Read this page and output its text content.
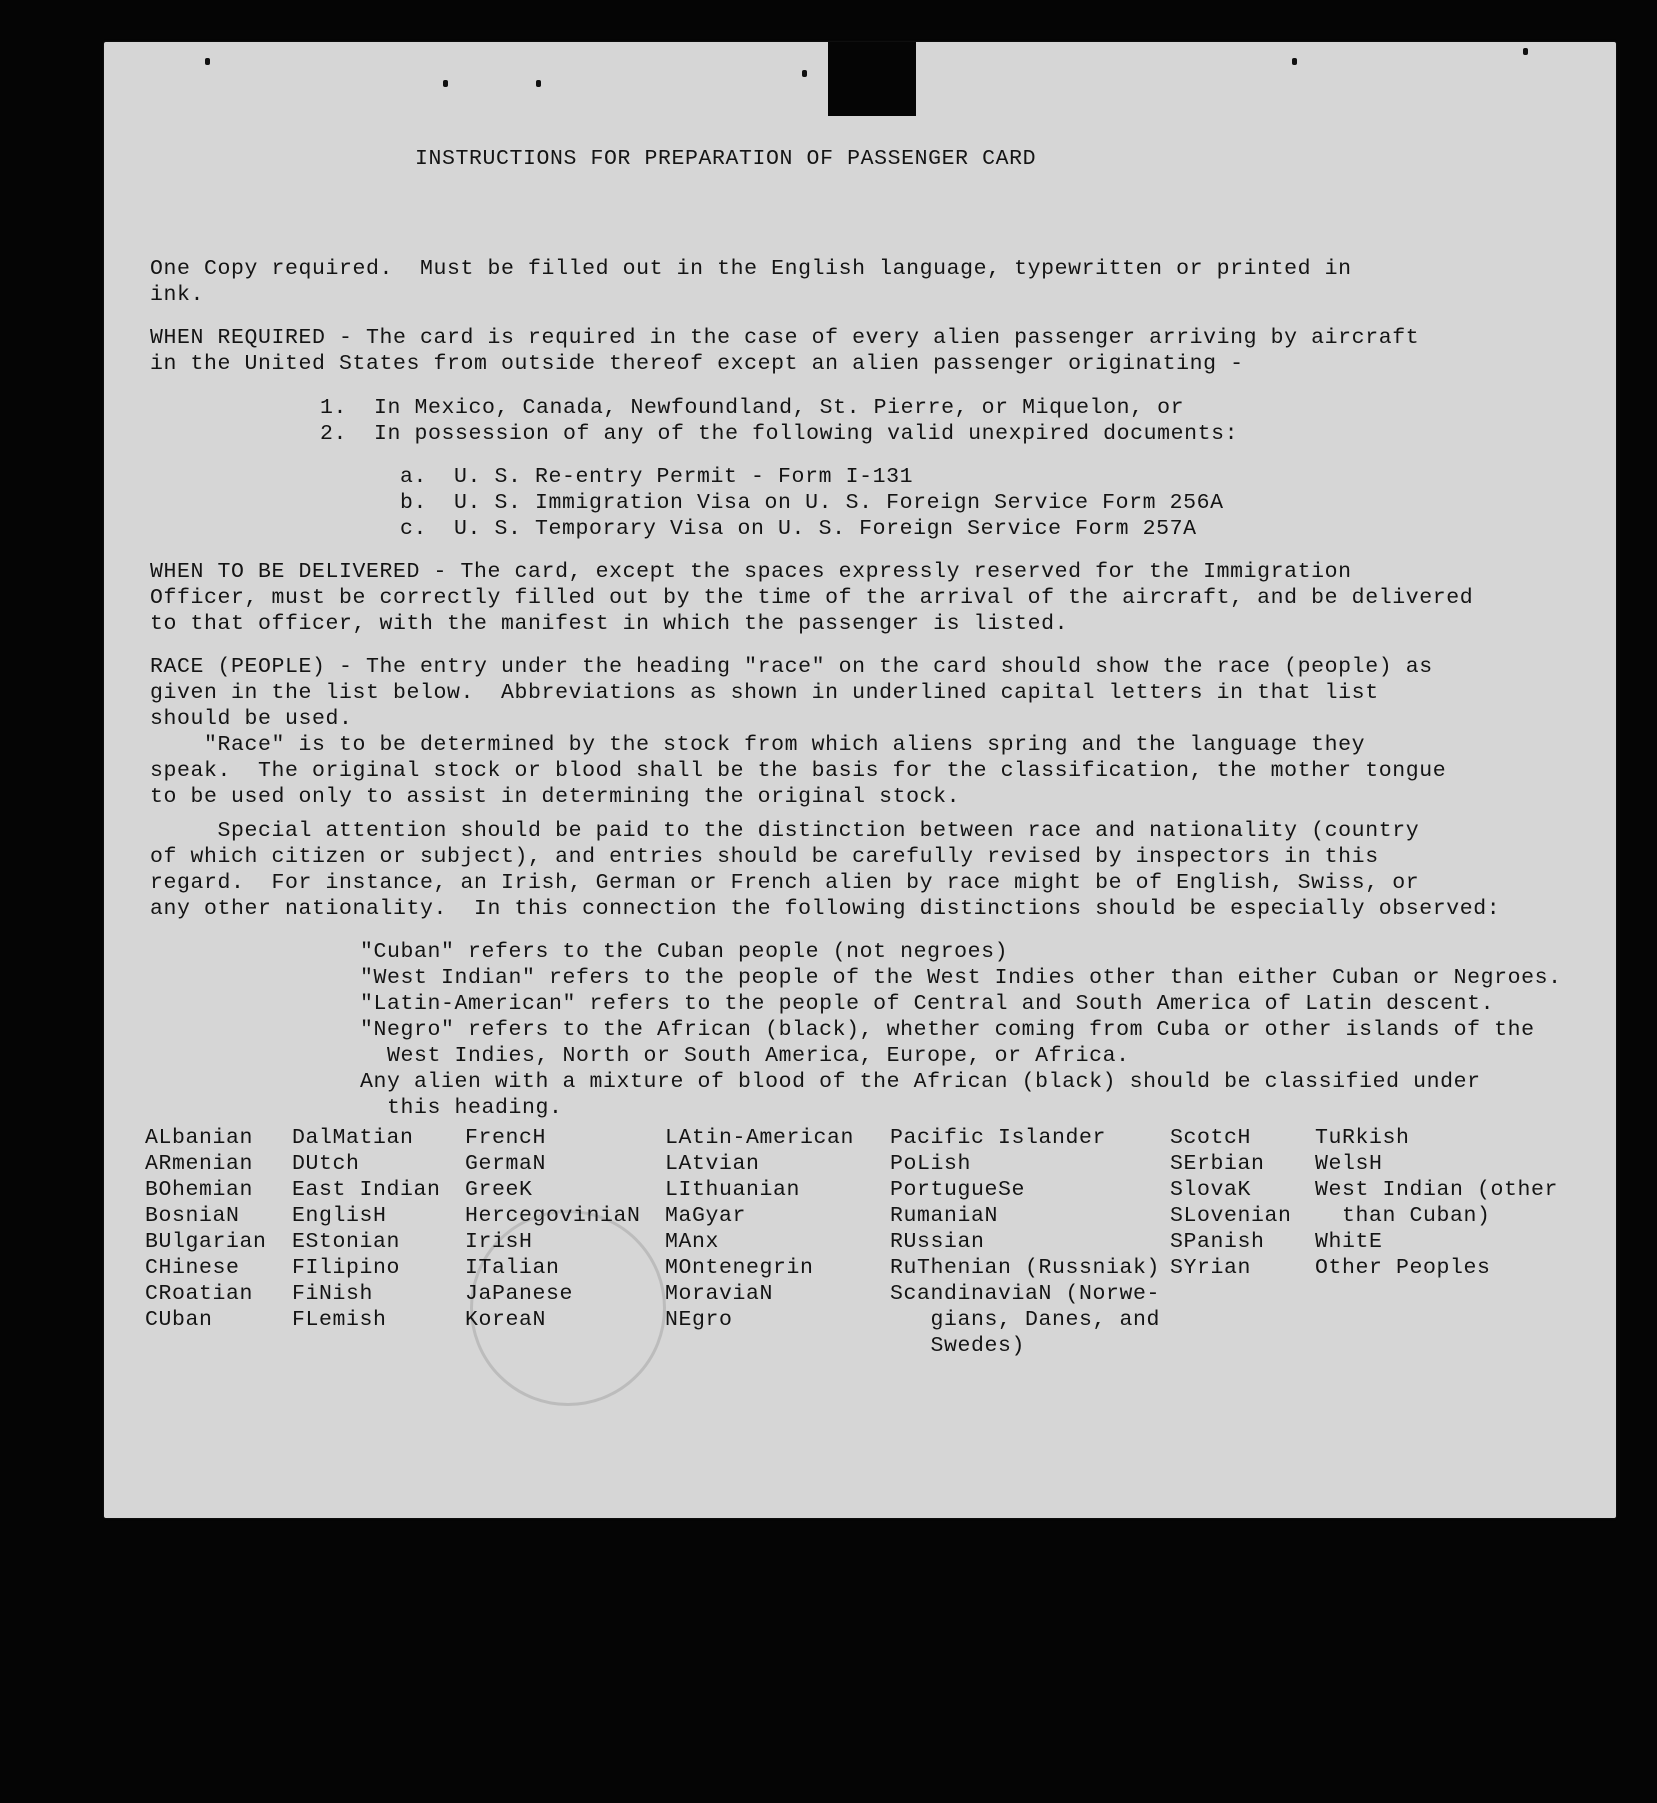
INSTRUCTIONS FOR PREPARATION OF PASSENGER CARD

One Copy required.  Must be filled out in the English language, typewritten or printed in

ink.

WHEN REQUIRED - The card is required in the case of every alien passenger arriving by aircraft

in the United States from outside thereof except an alien passenger originating -

1.  In Mexico, Canada, Newfoundland, St. Pierre, or Miquelon, or

2.  In possession of any of the following valid unexpired documents:

a.  U. S. Re-entry Permit - Form I-131

b.  U. S. Immigration Visa on U. S. Foreign Service Form 256A

c.  U. S. Temporary Visa on U. S. Foreign Service Form 257A

WHEN TO BE DELIVERED - The card, except the spaces expressly reserved for the Immigration

Officer, must be correctly filled out by the time of the arrival of the aircraft, and be delivered

to that officer, with the manifest in which the passenger is listed.

RACE (PEOPLE) - The entry under the heading "race" on the card should show the race (people) as

given in the list below.  Abbreviations as shown in underlined capital letters in that list

should be used.

"Race" is to be determined by the stock from which aliens spring and the language they

speak.  The original stock or blood shall be the basis for the classification, the mother tongue

to be used only to assist in determining the original stock.

Special attention should be paid to the distinction between race and nationality (country

of which citizen or subject), and entries should be carefully revised by inspectors in this

regard.  For instance, an Irish, German or French alien by race might be of English, Swiss, or

any other nationality.  In this connection the following distinctions should be especially observed:

"Cuban" refers to the Cuban people (not negroes)

"West Indian" refers to the people of the West Indies other than either Cuban or Negroes.

"Latin-American" refers to the people of Central and South America of Latin descent.

"Negro" refers to the African (black), whether coming from Cuba or other islands of the

West Indies, North or South America, Europe, or Africa.

Any alien with a mixture of blood of the African (black) should be classified under

this heading.

ALbanian
ARmenian
BOhemian
BosniaN
BUlgarian
CHinese
CRoatian
CUban
DalMatian
DUtch
East Indian
EnglisH
EStonian
FIlipino
FiNish
FLemish
FrencH
GermaN
GreeK
HercegoviniaN
IrisH
ITalian
JaPanese
KoreaN
LAtin-American
LAtvian
LIthuanian
MaGyar
MAnx
MOntenegrin
MoraviaN
NEgro
Pacific Islander
PoLish
PortugueSe
RumaniaN
RUssian
RuThenian (Russniak)
ScandinaviaN (Norwe-
gians, Danes, and
Swedes)
ScotcH
SErbian
SlovaK
SLovenian
SPanish
SYrian
TuRkish
WelsH
West Indian (other
than Cuban)
WhitE
Other Peoples
